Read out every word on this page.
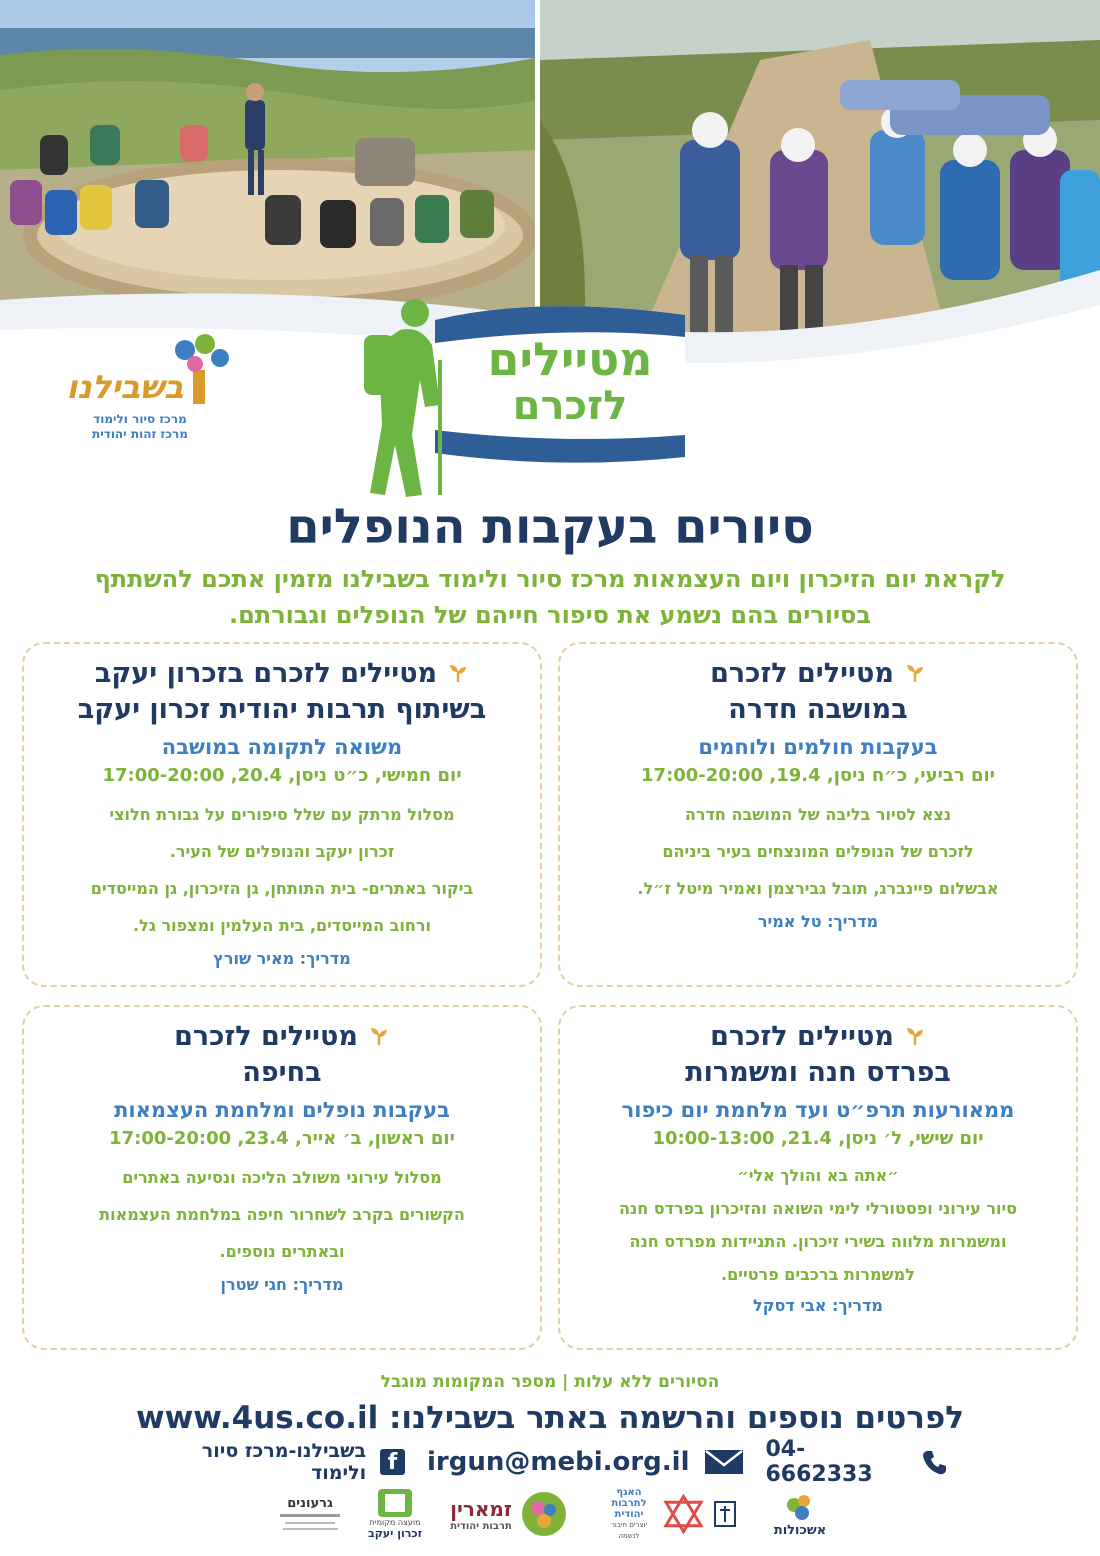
מטיילים
לזכרם
בשבילנו
מרכז סיור ולימוד
מרכז זהות יהודית
סיורים בעקבות הנופלים
לקראת יום הזיכרון ויום העצמאות מרכז סיור ולימוד בשבילנו מזמין אתכם להשתתף
בסיורים בהם נשמע את סיפור חייהם של הנופלים וגבורתם.
מטיילים לזכרם
במושבה חדרה
בעקבות חולמים ולוחמים
יום רביעי, כ״ח ניסן, 19.4, 17:00-20:00
נצא לסיור בליבה של המושבה חדרה
לזכרם של הנופלים המונצחים בעיר ביניהם
אבשלום פיינברג, תובל גבירצמן ואמיר מיטל ז״ל.
מדריך: טל אמיר
מטיילים לזכרם בזכרון יעקב
בשיתוף תרבות יהודית זכרון יעקב
משואה לתקומה במושבה
יום חמישי, כ״ט ניסן, 20.4, 17:00-20:00
מסלול מרתק עם שלל סיפורים על גבורת חלוצי
זכרון יעקב והנופלים של העיר.
ביקור באתרים- בית התותחן, גן הזיכרון, גן המייסדים
ורחוב המייסדים, בית העלמין ומצפור גל.
מדריך: מאיר שורץ
מטיילים לזכרם
בפרדס חנה ומשמרות
ממאורעות תרפ״ט ועד מלחמת יום כיפור
יום שישי, ל׳ ניסן, 21.4, 10:00-13:00
״אתה בא והולך אלי״
סיור עירוני ופסטורלי לימי השואה והזיכרון בפרדס חנה
ומשמרות מלווה בשירי זיכרון. התניידות מפרדס חנה
למשמרות ברכבים פרטיים.
מדריך: אבי דסקל
מטיילים לזכרם
בחיפה
בעקבות נופלים ומלחמת העצמאות
יום ראשון, ב׳ אייר, 23.4, 17:00-20:00
מסלול עירוני משולב הליכה ונסיעה באתרים
הקשורים בקרב לשחרור חיפה במלחמת העצמאות
ובאתרים נוספים.
מדריך: חגי שטרן
הסיורים ללא עלות | מספר המקומות מוגבל
לפרטים נוספים והרשמה באתר בשבילנו: www.4us.co.il
04-6662333
irgun@mebi.org.il
f
בשבילנו-מרכז סיור ולימוד
אשכולות
האגף
לתרבות
יהודית
יוצרים חיבור לנשמה
זמארין
תרבות יהודית
מועצה מקומית
זכרון יעקב
גרעונים
